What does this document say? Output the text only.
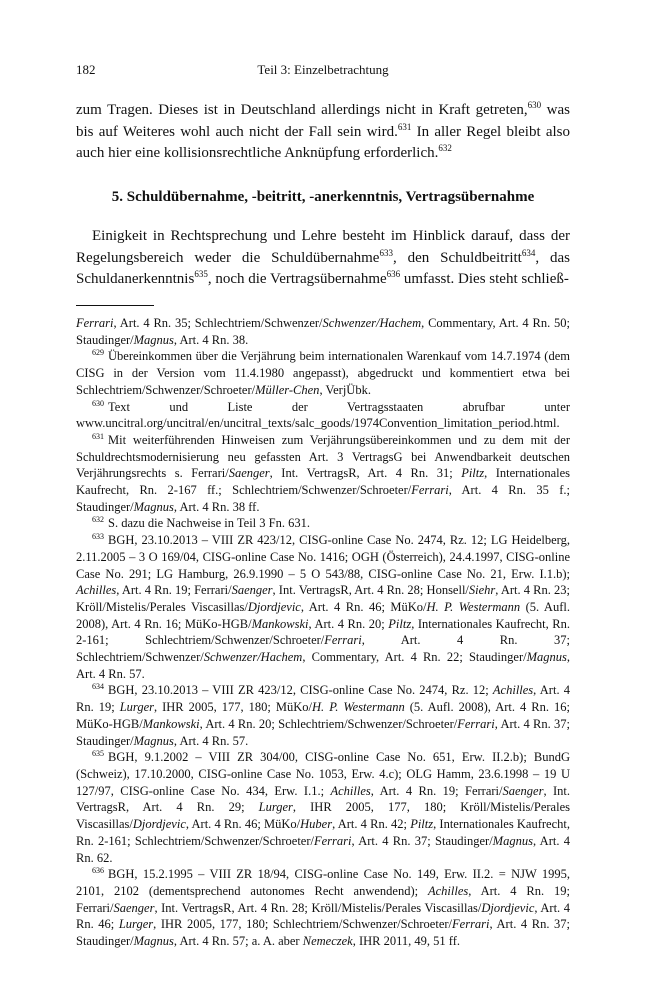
182	Teil 3: Einzelbetrachtung

zum Tragen. Dieses ist in Deutschland allerdings nicht in Kraft getreten,$^{630}$ was bis auf Weiteres wohl auch nicht der Fall sein wird.$^{631}$ In aller Regel bleibt also auch hier eine kollisionsrechtliche Anknüpfung erforderlich.$^{632}$

5. Schuldübernahme, -beitritt, -anerkenntnis, Vertragsübernahme

Einigkeit in Rechtsprechung und Lehre besteht im Hinblick darauf, dass der Regelungsbereich weder die Schuldübernahme$^{633}$, den Schuldbeitritt$^{634}$, das Schuldanerkenntnis$^{635}$, noch die Vertragsübernahme$^{636}$ umfasst. Dies steht schließ-

Ferrari, Art. 4 Rn. 35; Schlechtriem/Schwenzer/Schwenzer/Hachem, Commentary, Art. 4 Rn. 50; Staudinger/Magnus, Art. 4 Rn. 38.

$^{629}$ Übereinkommen über die Verjährung beim internationalen Warenkauf vom 14.7.1974 (dem CISG in der Version vom 11.4.1980 angepasst), abgedruckt und kommentiert etwa bei Schlechtriem/Schwenzer/Schroeter/Müller-Chen, VerjÜbk.

$^{630}$ Text und Liste der Vertragsstaaten abrufbar unter www.uncitral.org/uncitral/en/uncitral_texts/salc_goods/1974Convention_limitation_period.html.

$^{631}$ Mit weiterführenden Hinweisen zum Verjährungsübereinkommen und zu dem mit der Schuldrechtsmodernisierung neu gefassten Art. 3 VertragsG bei Anwendbarkeit deutschen Verjährungsrechts s. Ferrari/Saenger, Int. VertragsR, Art. 4 Rn. 31; Piltz, Internationales Kaufrecht, Rn. 2-167 ff.; Schlechtriem/Schwenzer/Schroeter/Ferrari, Art. 4 Rn. 35 f.; Staudinger/Magnus, Art. 4 Rn. 38 ff.

$^{632}$ S. dazu die Nachweise in Teil 3 Fn. 631.

$^{633}$ BGH, 23.10.2013 – VIII ZR 423/12, CISG-online Case No. 2474, Rz. 12; LG Heidelberg, 2.11.2005 – 3 O 169/04, CISG-online Case No. 1416; OGH (Österreich), 24.4.1997, CISG-online Case No. 291; LG Hamburg, 26.9.1990 – 5 O 543/88, CISG-online Case No. 21, Erw. I.1.b); Achilles, Art. 4 Rn. 19; Ferrari/Saenger, Int. VertragsR, Art. 4 Rn. 28; Honsell/Siehr, Art. 4 Rn. 23; Kröll/Mistelis/Perales Viscasillas/Djordjevic, Art. 4 Rn. 46; MüKo/H. P. Westermann (5. Aufl. 2008), Art. 4 Rn. 16; MüKo-HGB/Mankowski, Art. 4 Rn. 20; Piltz, Internationales Kaufrecht, Rn. 2-161; Schlechtriem/Schwenzer/Schroeter/Ferrari, Art. 4 Rn. 37; Schlechtriem/Schwenzer/Schwenzer/Hachem, Commentary, Art. 4 Rn. 22; Staudinger/Magnus, Art. 4 Rn. 57.

$^{634}$ BGH, 23.10.2013 – VIII ZR 423/12, CISG-online Case No. 2474, Rz. 12; Achilles, Art. 4 Rn. 19; Lurger, IHR 2005, 177, 180; MüKo/H. P. Westermann (5. Aufl. 2008), Art. 4 Rn. 16; MüKo-HGB/Mankowski, Art. 4 Rn. 20; Schlechtriem/Schwenzer/Schroeter/Ferrari, Art. 4 Rn. 37; Staudinger/Magnus, Art. 4 Rn. 57.

$^{635}$ BGH, 9.1.2002 – VIII ZR 304/00, CISG-online Case No. 651, Erw. II.2.b); BundG (Schweiz), 17.10.2000, CISG-online Case No. 1053, Erw. 4.c); OLG Hamm, 23.6.1998 – 19 U 127/97, CISG-online Case No. 434, Erw. I.1.; Achilles, Art. 4 Rn. 19; Ferrari/Saenger, Int. VertragsR, Art. 4 Rn. 29; Lurger, IHR 2005, 177, 180; Kröll/Mistelis/Perales Viscasillas/Djordjevic, Art. 4 Rn. 46; MüKo/Huber, Art. 4 Rn. 42; Piltz, Internationales Kaufrecht, Rn. 2-161; Schlechtriem/Schwenzer/Schroeter/Ferrari, Art. 4 Rn. 37; Staudinger/Magnus, Art. 4 Rn. 62.

$^{636}$ BGH, 15.2.1995 – VIII ZR 18/94, CISG-online Case No. 149, Erw. II.2. = NJW 1995, 2101, 2102 (dementsprechend autonomes Recht anwendend); Achilles, Art. 4 Rn. 19; Ferrari/Saenger, Int. VertragsR, Art. 4 Rn. 28; Kröll/Mistelis/Perales Viscasillas/Djordjevic, Art. 4 Rn. 46; Lurger, IHR 2005, 177, 180; Schlechtriem/Schwenzer/Schroeter/Ferrari, Art. 4 Rn. 37; Staudinger/Magnus, Art. 4 Rn. 57; a. A. aber Nemeczek, IHR 2011, 49, 51 ff.
